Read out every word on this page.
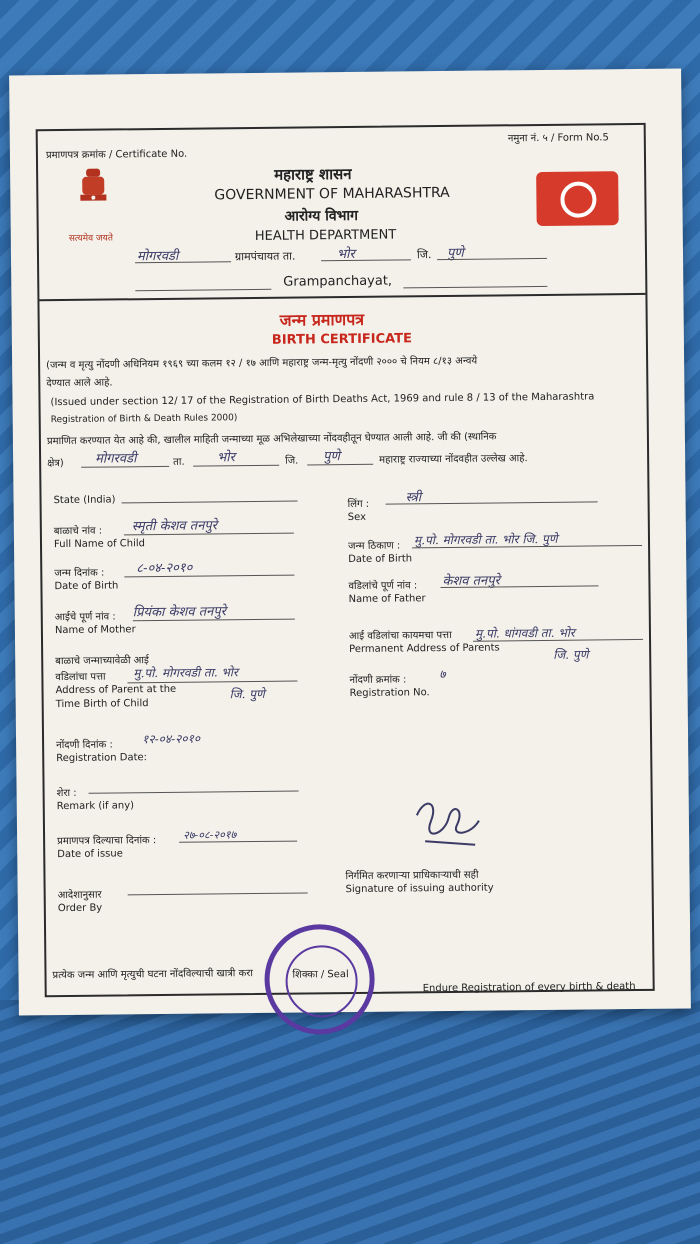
प्रमाणपत्र क्रमांक / Certificate No.
नमुना नं. ५ / Form No.5
सत्यमेव जयते
महाराष्ट्र शासन
GOVERNMENT OF MAHARASHTRA
आरोग्य विभाग
HEALTH DEPARTMENT
मोगरवडी	ग्रामपंचायत ता.	भोर	जि. पुणे
Grampanchayat,
जन्म प्रमाणपत्र
BIRTH CERTIFICATE
(जन्म व मृत्यु नोंदणी अधिनियम १९६९ च्या कलम १२ / १७ आणि महाराष्ट्र जन्म-मृत्यु नोंदणी २००० चे नियम ८/१३ अन्वये
देण्यात आले आहे.
(Issued under section 12/ 17 of the Registration of Birth Deaths Act, 1969 and rule 8 / 13 of the Maharashtra
Registration of Birth & Death Rules 2000)
प्रमाणित करण्यात येत आहे की, खालील माहिती जन्माच्या मूळ अभिलेखाच्या नोंदवहीतून घेण्यात आली आहे. जी की (स्थानिक
क्षेत्र) मोगरवडी	ता. भोर	जि. पुणे	महाराष्ट्र राज्याच्या नोंदवहीत उल्लेख आहे.
State (India)
बाळाचे नांव :
Full Name of Child
स्मृती केशव तनपुरे
जन्म दिनांक :
Date of Birth
८-०४-२०१०
आईचे पूर्ण नांव :
Name of Mother
प्रियंका केशव तनपुरे
बाळाचे जन्माच्यावेळी आई
वडिलांचा पत्ता
Address of Parent at the
Time Birth of Child
मु.पो. मोगरवडी ता. भोर
जि. पुणे
नोंदणी दिनांक :
Registration Date:
१२-०४-२०१०
शेरा :
Remark (if any)
प्रमाणपत्र दिल्याचा दिनांक :
Date of issue
२७-०८-२०१७
आदेशानुसार
Order By
लिंग :
Sex
स्त्री
जन्म ठिकाण :
Date of Birth
मु.पो. मोगरवडी ता. भोर जि. पुणे
वडिलांचे पूर्ण नांव :
Name of Father
केशव तनपुरे
आई वडिलांचा कायमचा पत्ता
Permanent Address of Parents
मु.पो. धांगवडी ता. भोर
जि. पुणे
नोंदणी क्रमांक :
Registration No.
७
निर्गमित करणाऱ्या प्राधिकाऱ्याची सही
Signature of issuing authority
शिक्का / Seal
प्रत्येक जन्म आणि मृत्युची घटना नोंदविल्याची खात्री करा
Endure Registration of every birth & death
